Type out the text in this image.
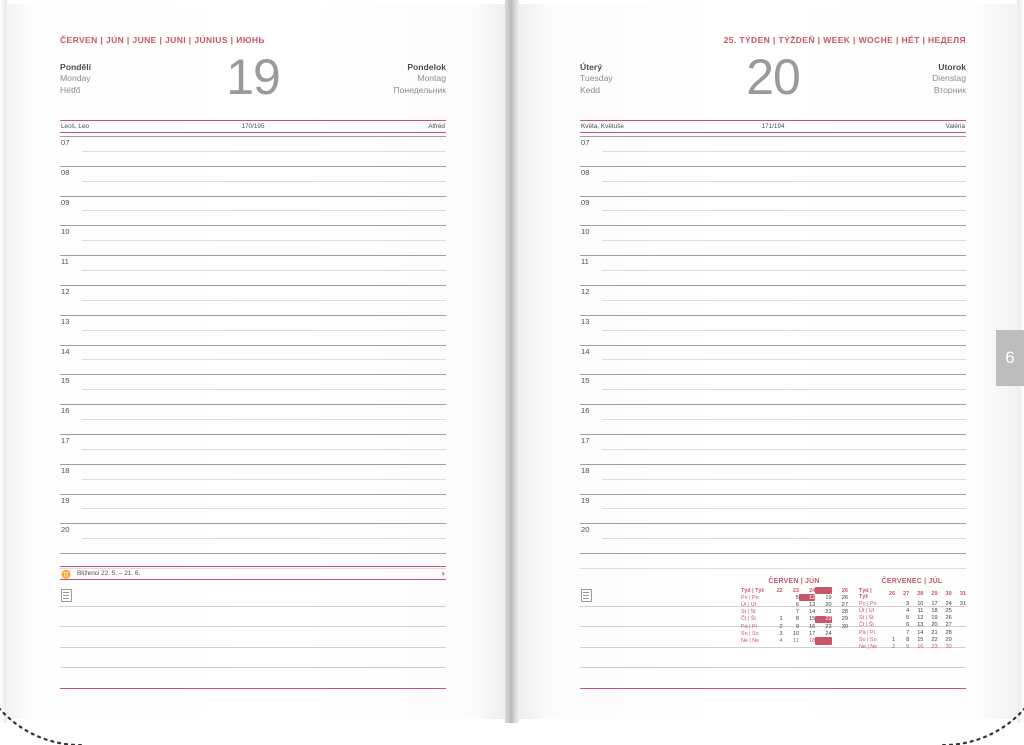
ČERVEN | JÚN | JUNE | JUNI | JÚNIUS | ИЮНЬ
Pondělí
Monday
Hétfő
Pondelok
Montag
Понедельник
19
Leoš, Leo	170/195	Alfréd
07
08
09
10
11
12
13
14
15
16
17
18
19
20
♊ Blíženci 22. 5. – 21. 6.	◑
25. TÝDEN | TÝŽDEŇ | WEEK | WOCHE | HÉT | НЕДЕЛЯ
Úterý
Tuesday
Kedd
Utorok
Dienstag
Вторник
20
Květa, Květuše	171/194	Valéria
07
08
09
10
11
12
13
14
15
16
17
18
19
20
ČERVEN | JÚN
Týd | Týž	22	23	24	25	26
Po | Po		5	12	19	26
Út | Ut		6	13	20	27
St | St		7	14	21	28
Čt | Št	1	8	15	22	29
Pá | Pi	2	9	16	23	30
So | So	3	10	17	24	
Ne | Ne	4	11	18	25	
ČERVENEC | JÚL
Týd | Týž	26	27	28	29	30	31
Po | Po		3	10	17	24	31
Út | Ut		4	11	18	25	
St | St		5	12	19	26	
Čt | Št		6	13	20	27	
Pá | Pi		7	14	21	28	
So | So	1	8	15	22	29	
Ne | Ne	2	9	16	23	30	
6
